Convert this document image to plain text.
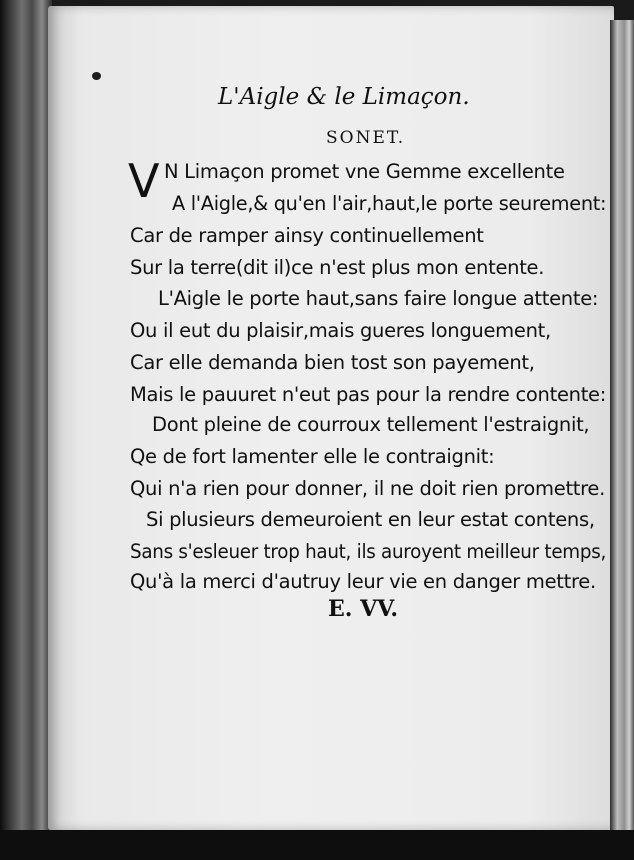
L'Aigle & le Limaçon.
SONET.
V N Limaçon promet vne Gemme excellente
A l'Aigle,& qu'en l'air,haut,le porte seurement:
Car de ramper ainsy continuellement
Sur la terre(dit il)ce n'est plus mon entente.
L'Aigle le porte haut,sans faire longue attente:
Ou il eut du plaisir,mais gueres longuement,
Car elle demanda bien tost son payement,
Mais le pauuret n'eut pas pour la rendre contente:
Dont pleine de courroux tellement l'estraignit,
Qe de fort lamenter elle le contraignit:
Qui n'a rien pour donner, il ne doit rien promettre.
Si plusieurs demeuroient en leur estat contens,
Sans s'esleuer trop haut, ils auroyent meilleur temps,
Qu'à la merci d'autruy leur vie en danger mettre.
E. VV.
